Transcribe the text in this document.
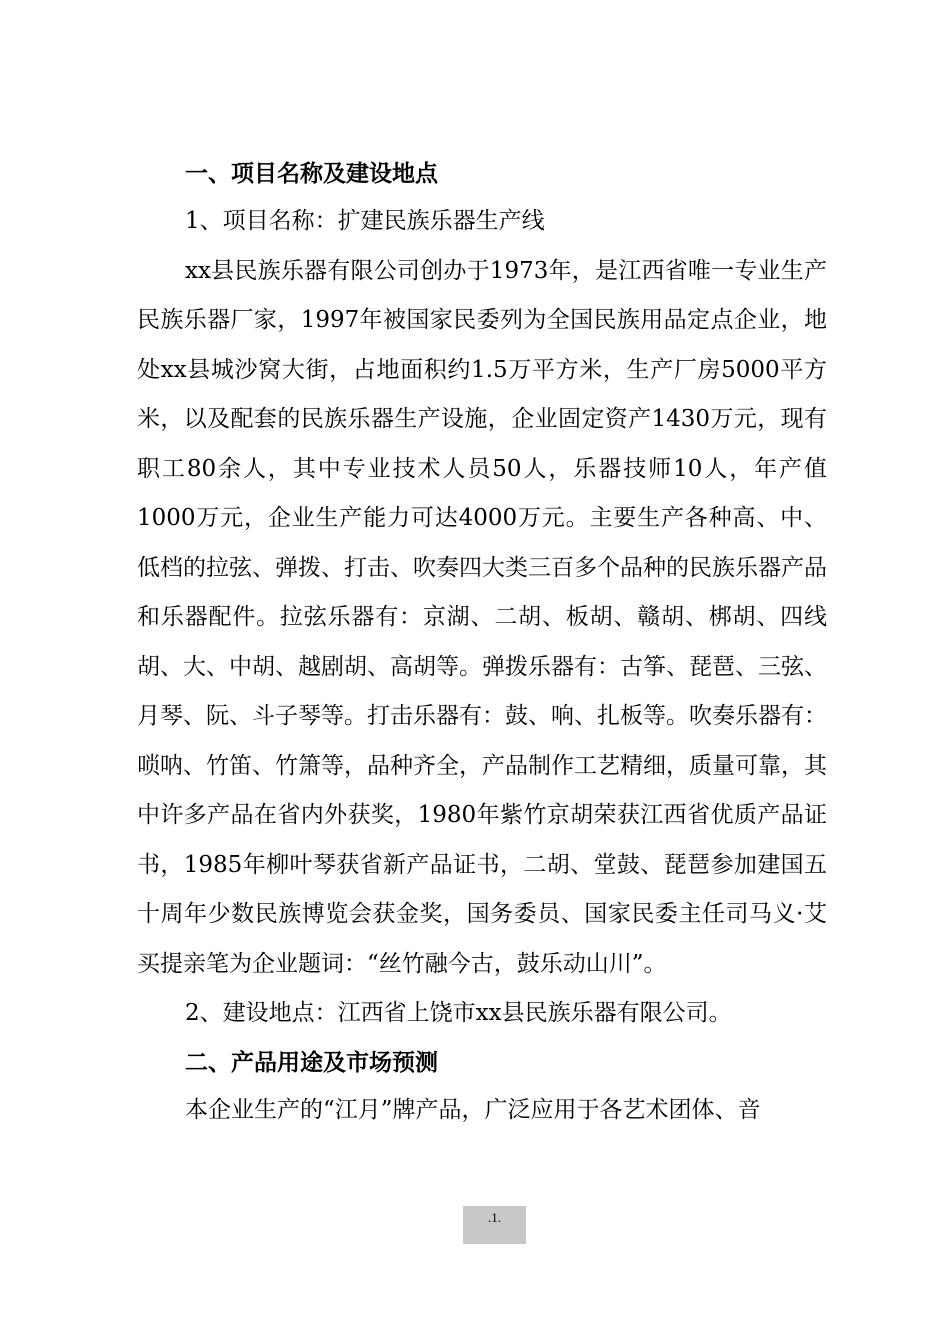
一、项目名称及建设地点

1、项目名称：扩建民族乐器生产线

xx县民族乐器有限公司创办于1973年，是江西省唯一专业生产民族乐器厂家，1997年被国家民委列为全国民族用品定点企业，地处xx县城沙窝大街，占地面积约1.5万平方米，生产厂房5000平方米，以及配套的民族乐器生产设施，企业固定资产1430万元，现有职工80余人，其中专业技术人员50人，乐器技师10人，年产值1000万元，企业生产能力可达4000万元。主要生产各种高、中、低档的拉弦、弹拨、打击、吹奏四大类三百多个品种的民族乐器产品和乐器配件。拉弦乐器有：京湖、二胡、板胡、赣胡、梆胡、四线胡、大、中胡、越剧胡、高胡等。弹拨乐器有：古筝、琵琶、三弦、月琴、阮、斗子琴等。打击乐器有：鼓、响、扎板等。吹奏乐器有：唢呐、竹笛、竹箫等，品种齐全，产品制作工艺精细，质量可靠，其中许多产品在省内外获奖，1980年紫竹京胡荣获江西省优质产品证书，1985年柳叶琴获省新产品证书，二胡、堂鼓、琵琶参加建国五十周年少数民族博览会获金奖，国务委员、国家民委主任司马义·艾买提亲笔为企业题词：“丝竹融今古，鼓乐动山川”。

2、建设地点：江西省上饶市xx县民族乐器有限公司。

二、产品用途及市场预测

本企业生产的“江月”牌产品，广泛应用于各艺术团体、音

.1.
